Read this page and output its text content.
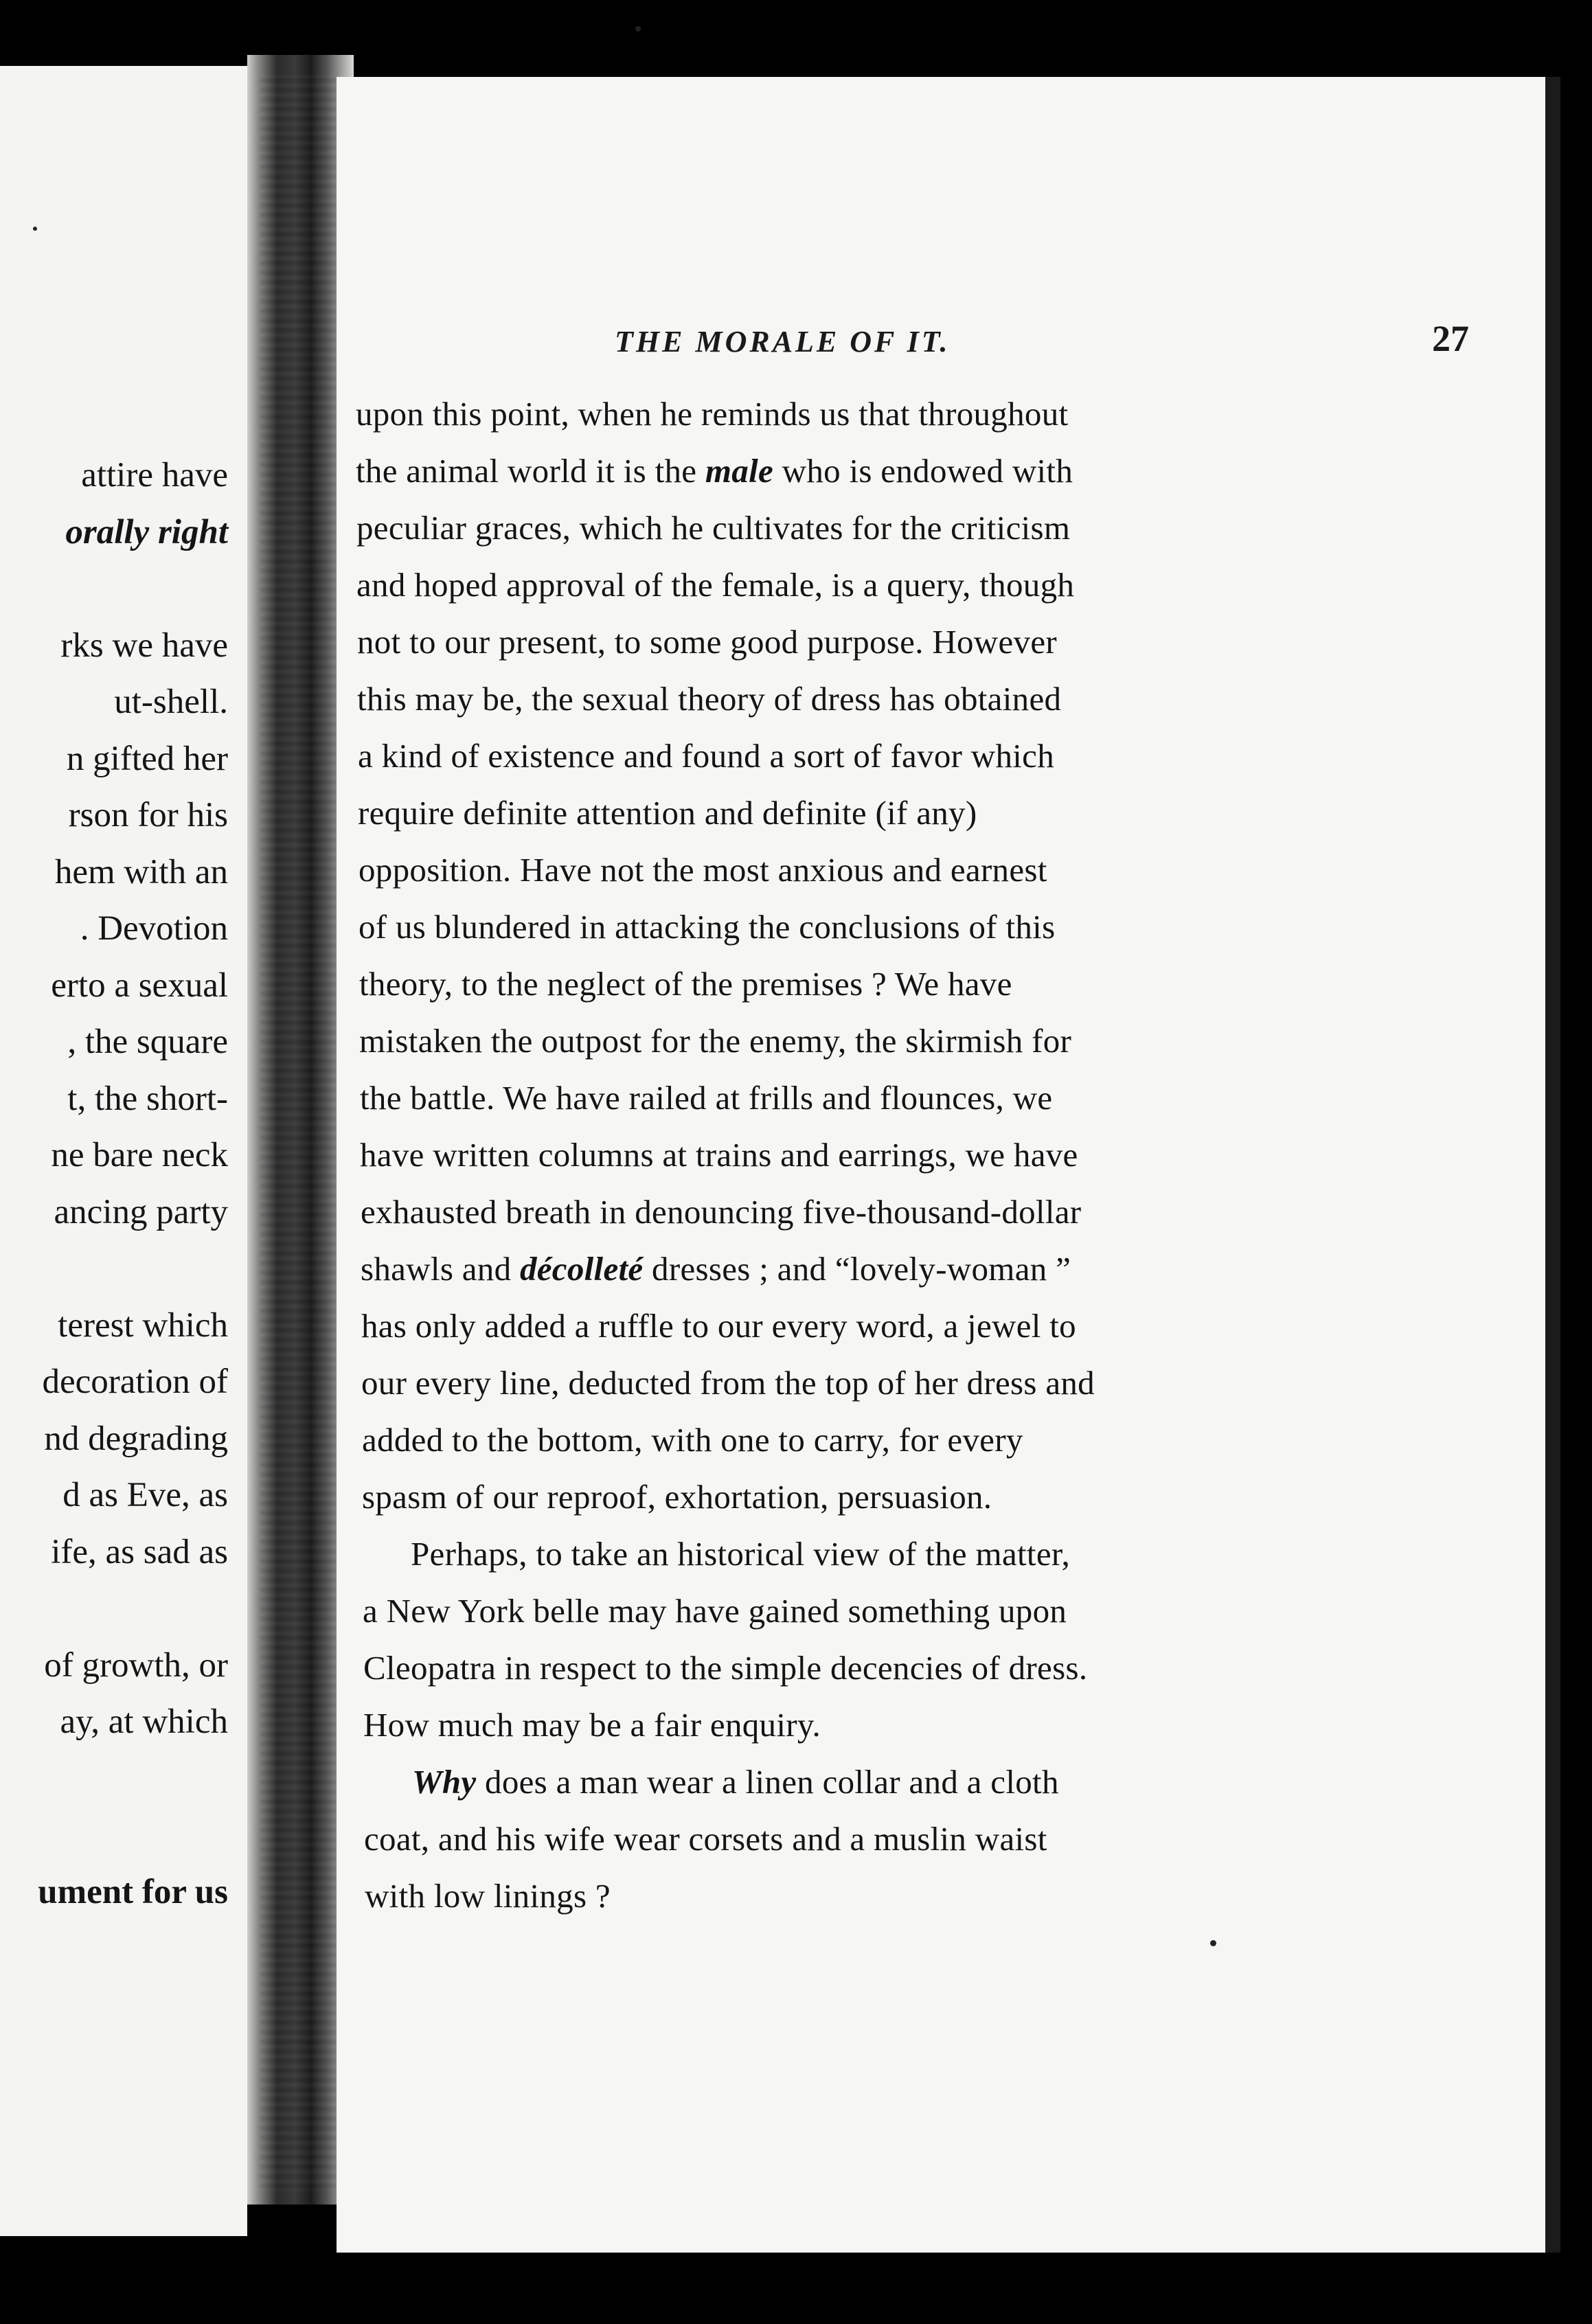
attire have
orally right
rks we have
ut-shell.
n gifted her
rson for his
hem with an
. Devotion
erto a sexual
, the square
t, the short-
ne bare neck
ancing party
terest which
decoration of
nd degrading
d as Eve, as
ife, as sad as
of growth, or
ay, at which
ument for us
THE MORALE OF IT.	27
upon this point, when he reminds us that throughout
the animal world it is the male who is endowed with
peculiar graces, which he cultivates for the criticism
and hoped approval of the female, is a query, though
not to our present, to some good purpose. However
this may be, the sexual theory of dress has obtained
a kind of existence and found a sort of favor which
require definite attention and definite (if any)
opposition. Have not the most anxious and earnest
of us blundered in attacking the conclusions of this
theory, to the neglect of the premises ? We have
mistaken the outpost for the enemy, the skirmish for
the battle. We have railed at frills and flounces, we
have written columns at trains and earrings, we have
exhausted breath in denouncing five-thousand-dollar
shawls and décolleté dresses ; and “lovely-woman ”
has only added a ruffle to our every word, a jewel to
our every line, deducted from the top of her dress and
added to the bottom, with one to carry, for every
spasm of our reproof, exhortation, persuasion.
Perhaps, to take an historical view of the matter,
a New York belle may have gained something upon
Cleopatra in respect to the simple decencies of dress.
How much may be a fair enquiry.
Why does a man wear a linen collar and a cloth
coat, and his wife wear corsets and a muslin waist
with low linings ?
